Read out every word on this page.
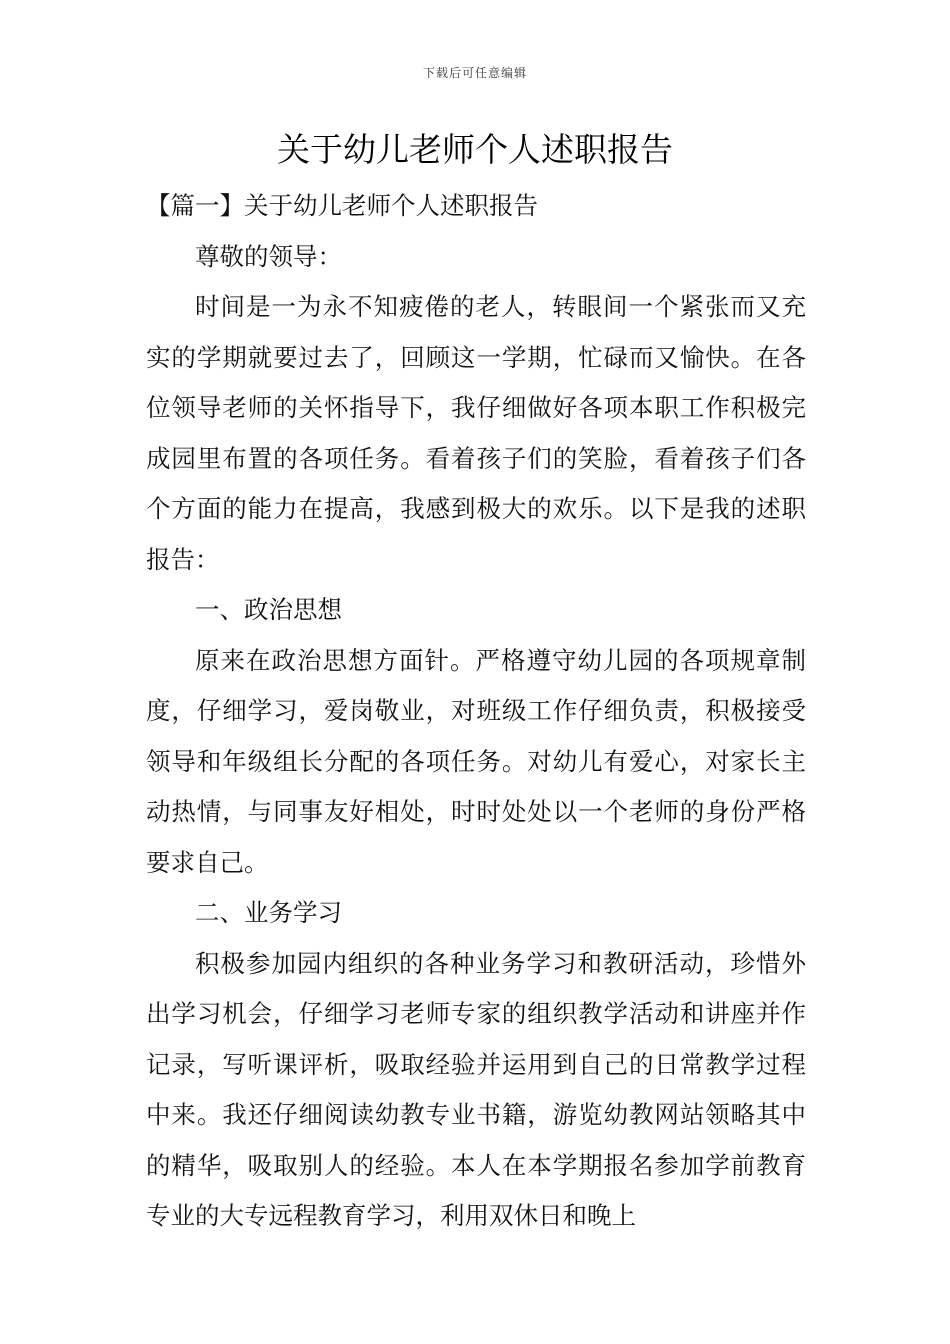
下载后可任意编辑
关于幼儿老师个人述职报告

【篇一】关于幼儿老师个人述职报告

尊敬的领导：

时间是一为永不知疲倦的老人，转眼间一个紧张而又充实的学期就要过去了，回顾这一学期，忙碌而又愉快。在各位领导老师的关怀指导下，我仔细做好各项本职工作积极完成园里布置的各项任务。看着孩子们的笑脸，看着孩子们各个方面的能力在提高，我感到极大的欢乐。以下是我的述职报告：

一、政治思想

原来在政治思想方面针。严格遵守幼儿园的各项规章制度，仔细学习，爱岗敬业，对班级工作仔细负责，积极接受领导和年级组长分配的各项任务。对幼儿有爱心，对家长主动热情，与同事友好相处，时时处处以一个老师的身份严格要求自己。

二、业务学习

积极参加园内组织的各种业务学习和教研活动，珍惜外出学习机会，仔细学习老师专家的组织教学活动和讲座并作记录，写听课评析，吸取经验并运用到自己的日常教学过程中来。我还仔细阅读幼教专业书籍，游览幼教网站领略其中的精华，吸取别人的经验。本人在本学期报名参加学前教育专业的大专远程教育学习，利用双休日和晚上
